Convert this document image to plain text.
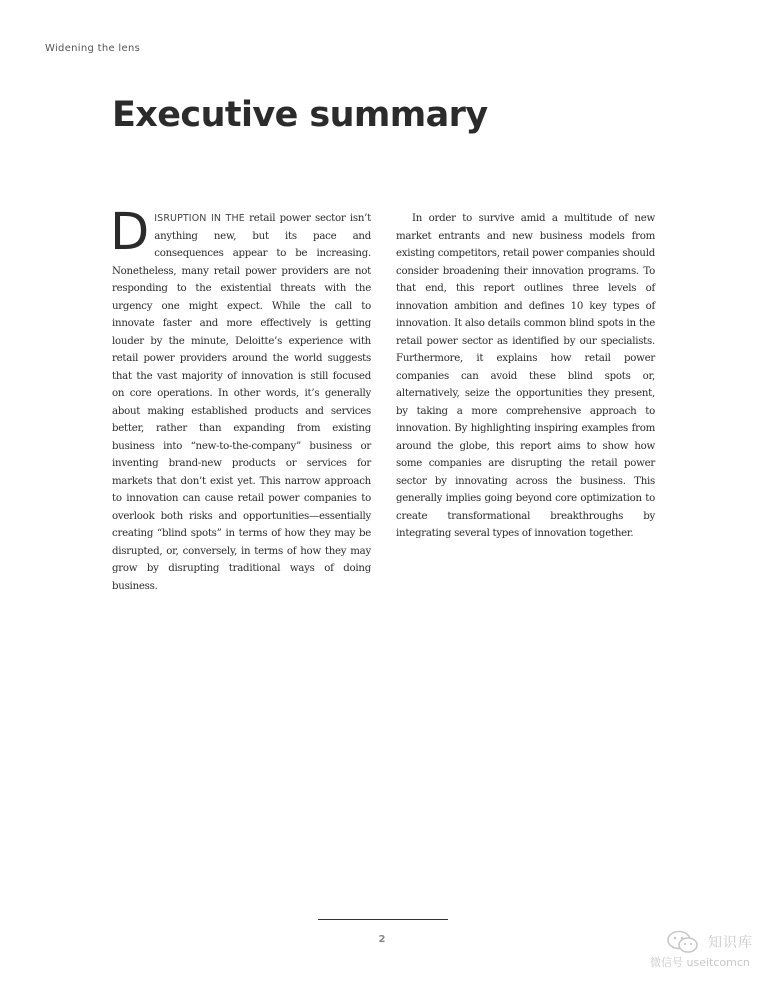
Widening the lens
Executive summary

DISRUPTION IN THE retail power sector isn’t anything new, but its pace and consequences appear to be increasing. Nonetheless, many retail power providers are not responding to the existential threats with the urgency one might expect. While the call to innovate faster and more effectively is getting louder by the minute, Deloitte’s experience with retail power providers around the world suggests that the vast majority of innovation is still focused on core operations. In other words, it’s generally about making established products and services better, rather than expanding from existing business into “new-to-the-company” business or inventing brand-new products or services for markets that don’t exist yet. This narrow approach to innovation can cause retail power companies to overlook both risks and opportunities—essentially creating “blind spots” in terms of how they may be disrupted, or, conversely, in terms of how they may grow by disrupting traditional ways of doing business.

In order to survive amid a multitude of new market entrants and new business models from existing competitors, retail power companies should consider broadening their innovation programs. To that end, this report outlines three levels of innovation ambition and defines 10 key types of innovation. It also details common blind spots in the retail power sector as identified by our specialists. Furthermore, it explains how retail power companies can avoid these blind spots or, alternatively, seize the opportunities they present, by taking a more comprehensive approach to innovation. By highlighting inspiring examples from around the globe, this report aims to show how some companies are disrupting the retail power sector by innovating across the business. This generally implies going beyond core optimization to create transformational breakthroughs by integrating several types of innovation together.

2	知识库
微信号 useitcomcn
